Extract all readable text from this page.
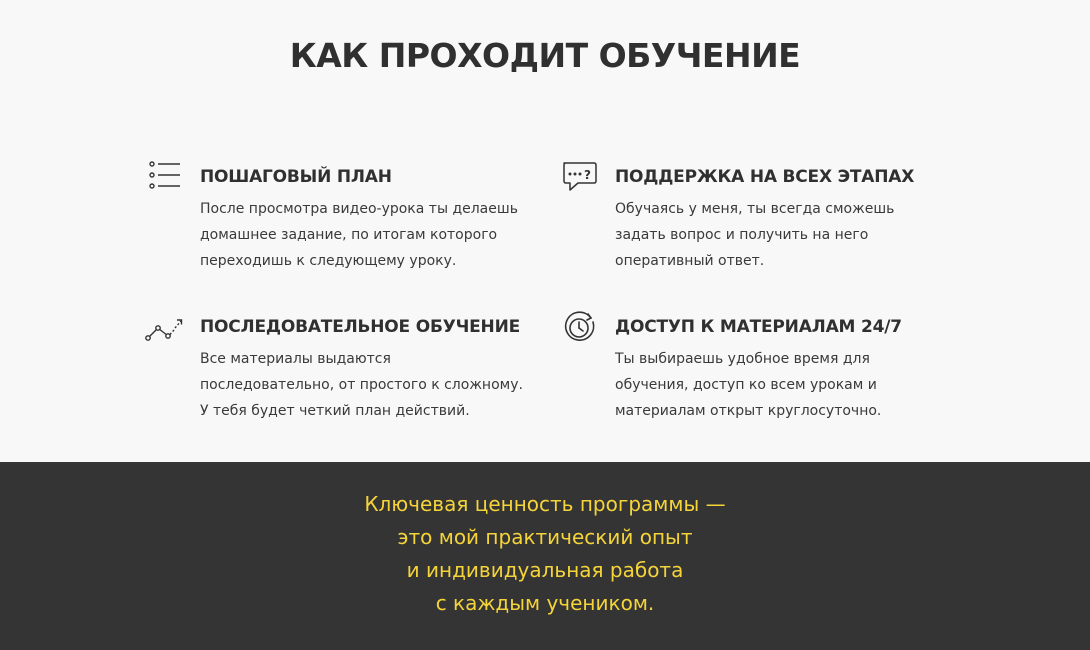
КАК ПРОХОДИТ ОБУЧЕНИЕ
ПОШАГОВЫЙ ПЛАН

После просмотра видео-урока ты делаешь домашнее задание, по итогам которого переходишь к следующему уроку.

? ПОДДЕРЖКА НА ВСЕХ ЭТАПАХ

Обучаясь у меня, ты всегда сможешь задать вопрос и получить на него оперативный ответ.

ПОСЛЕДОВАТЕЛЬНОЕ ОБУЧЕНИЕ

Все материалы выдаются последовательно, от простого к сложному. У тебя будет четкий план действий.

ДОСТУП К МАТЕРИАЛАМ 24/7

Ты выбираешь удобное время для обучения, доступ ко всем урокам и материалам открыт круглосуточно.

Ключевая ценность программы —
это мой практический опыт
и индивидуальная работа
с каждым учеником.
